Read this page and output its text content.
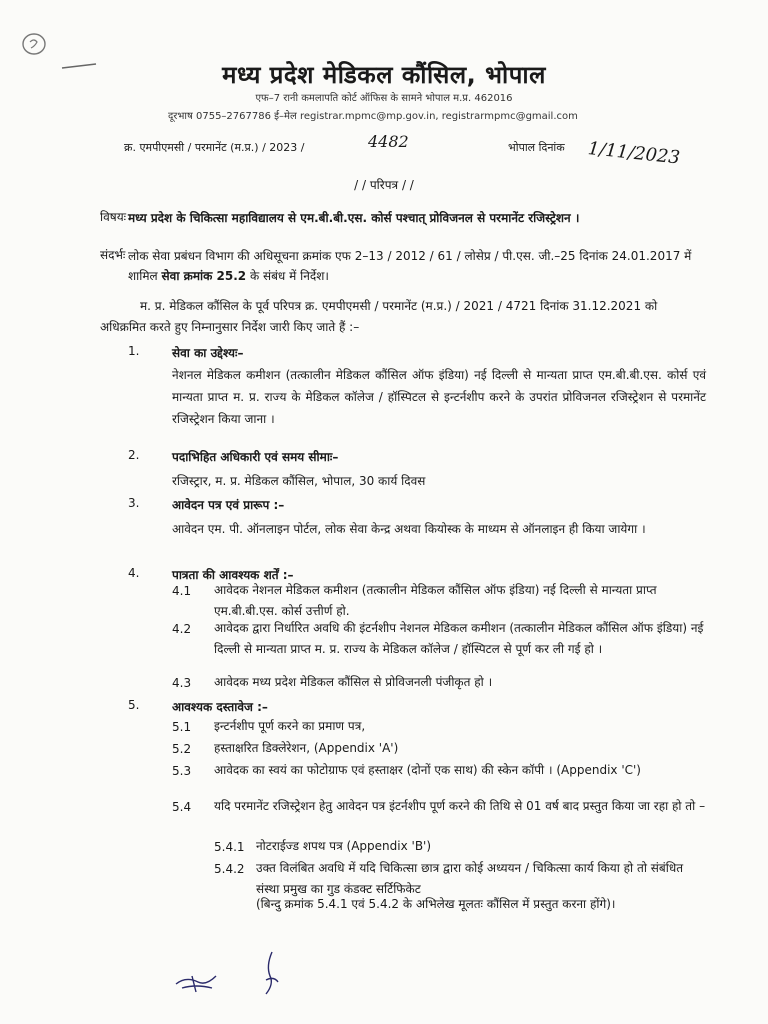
मध्य प्रदेश मेडिकल कौंसिल, भोपाल
एफ–7 रानी कमलापति कोर्ट ऑफिस के सामने भोपाल म.प्र. 462016
दूरभाष 0755–2767786 ई–मेल registrar.mpmc@mp.gov.in, registrarmpmc@gmail.com
क्र. एमपीएमसी / परमानेंट (म.प्र.) / 2023 /	4482	भोपाल दिनांक 1/11/2023
/ / परिपत्र / /
विषयः मध्य प्रदेश के चिकित्सा महाविद्यालय से एम.बी.बी.एस. कोर्स पश्चात् प्रोविजनल से परमानेंट रजिस्ट्रेशन ।
संदर्भः लोक सेवा प्रबंधन विभाग की अधिसूचना क्रमांक एफ 2–13 / 2012 / 61 / लोसेप्र / पी.एस. जी.–25 दिनांक 24.01.2017 में शामिल सेवा क्रमांक 25.2 के संबंध में निर्देश।
म. प्र. मेडिकल कौंसिल के पूर्व परिपत्र क्र. एमपीएमसी / परमानेंट (म.प्र.) / 2021 / 4721 दिनांक 31.12.2021 को अधिक्रमित करते हुए निम्नानुसार निर्देश जारी किए जाते हैं :–
1.	सेवा का उद्देश्यः–
नेशनल मेडिकल कमीशन (तत्कालीन मेडिकल कौंसिल ऑफ इंडिया) नई दिल्ली से मान्यता प्राप्त एम.बी.बी.एस. कोर्स एवं मान्यता प्राप्त म. प्र. राज्य के मेडिकल कॉलेज / हॉस्पिटल से इन्टर्नशीप करने के उपरांत प्रोविजनल रजिस्ट्रेशन से परमानेंट रजिस्ट्रेशन किया जाना ।
2.	पदाभिहित अधिकारी एवं समय सीमाः–
रजिस्ट्रार, म. प्र. मेडिकल कौंसिल, भोपाल, 30 कार्य दिवस
3.	आवेदन पत्र एवं प्रारूप :–
आवेदन एम. पी. ऑनलाइन पोर्टल, लोक सेवा केन्द्र अथवा कियोस्क के माध्यम से ऑनलाइन ही किया जायेगा ।
4.	पात्रता की आवश्यक शर्तें :–
4.1 आवेदक नेशनल मेडिकल कमीशन (तत्कालीन मेडिकल कौंसिल ऑफ इंडिया) नई दिल्ली से मान्यता प्राप्त एम.बी.बी.एस. कोर्स उत्तीर्ण हो.
4.2 आवेदक द्वारा निर्धारित अवधि की इंटर्नशीप नेशनल मेडिकल कमीशन (तत्कालीन मेडिकल कौंसिल ऑफ इंडिया) नई दिल्ली से मान्यता प्राप्त म. प्र. राज्य के मेडिकल कॉलेज / हॉस्पिटल से पूर्ण कर ली गई हो ।
4.3 आवेदक मध्य प्रदेश मेडिकल कौंसिल से प्रोविजनली पंजीकृत हो ।
5.	आवश्यक दस्तावेज :–
5.1 इन्टर्नशीप पूर्ण करने का प्रमाण पत्र,
5.2 हस्ताक्षरित डिक्लेरेशन, (Appendix 'A')
5.3 आवेदक का स्वयं का फोटोग्राफ एवं हस्ताक्षर (दोनों एक साथ) की स्केन कॉपी । (Appendix 'C')
5.4 यदि परमानेंट रजिस्ट्रेशन हेतु आवेदन पत्र इंटर्नशीप पूर्ण करने की तिथि से 01 वर्ष बाद प्रस्तुत किया जा रहा हो तो –
5.4.1 नोटराईज्ड शपथ पत्र (Appendix 'B')
5.4.2 उक्त विलंबित अवधि में यदि चिकित्सा छात्र द्वारा कोई अध्ययन / चिकित्सा कार्य किया हो तो संबंधित संस्था प्रमुख का गुड कंडक्ट सर्टिफिकेट
(बिन्दु क्रमांक 5.4.1 एवं 5.4.2 के अभिलेख मूलतः कौंसिल में प्रस्तुत करना होंगे)।
